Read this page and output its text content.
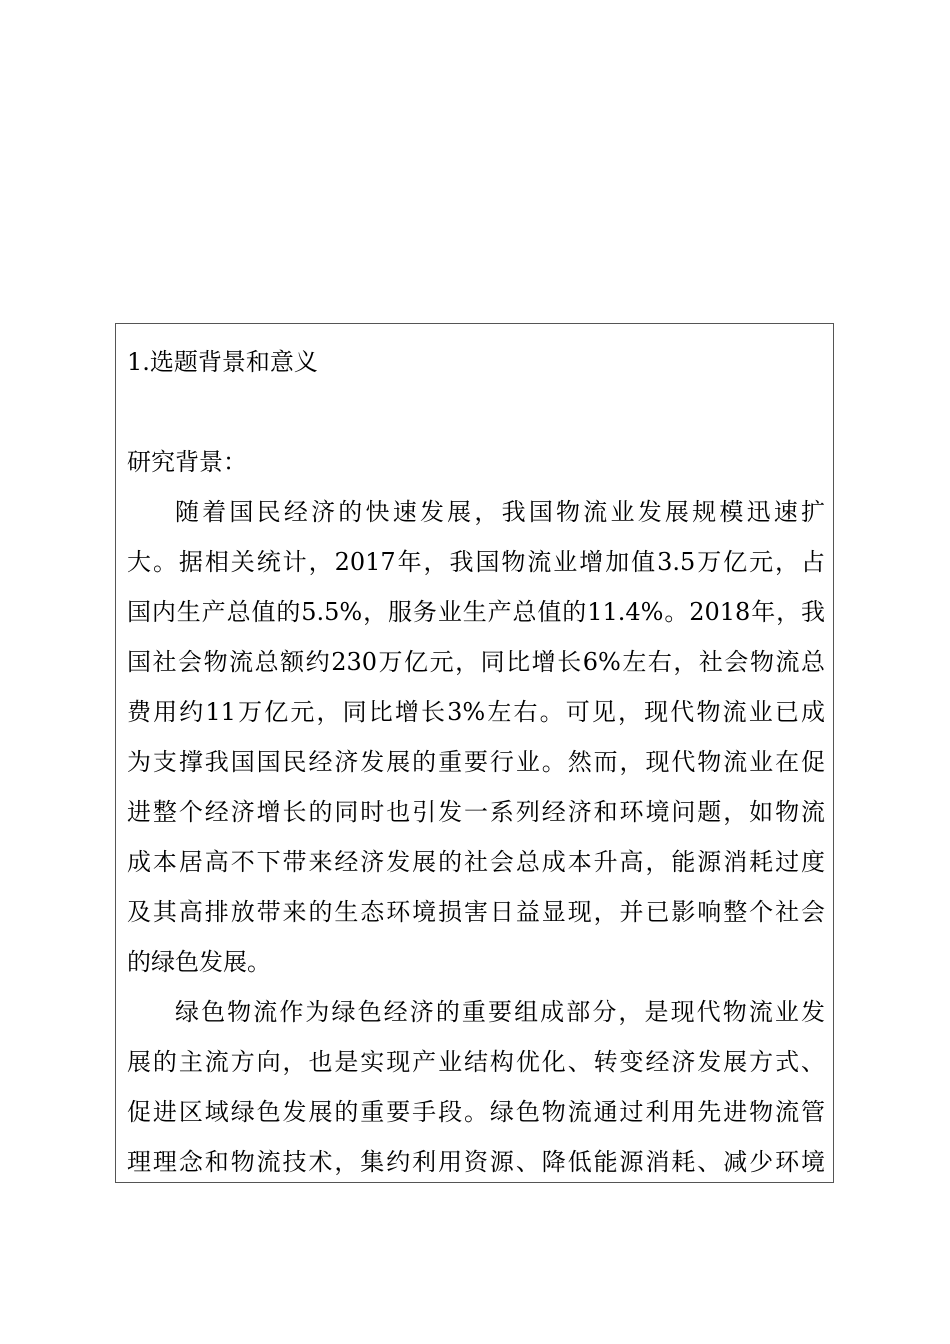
1.选题背景和意义
研究背景：
随着国民经济的快速发展，我国物流业发展规模迅速扩
大。据相关统计，2017年，我国物流业增加值3.5万亿元，占
国内生产总值的5.5%，服务业生产总值的11.4%。2018年，我
国社会物流总额约230万亿元，同比增长6%左右，社会物流总
费用约11万亿元，同比增长3%左右。可见，现代物流业已成
为支撑我国国民经济发展的重要行业。然而，现代物流业在促
进整个经济增长的同时也引发一系列经济和环境问题，如物流
成本居高不下带来经济发展的社会总成本升高，能源消耗过度
及其高排放带来的生态环境损害日益显现，并已影响整个社会
的绿色发展。
绿色物流作为绿色经济的重要组成部分，是现代物流业发
展的主流方向，也是实现产业结构优化、转变经济发展方式、
促进区域绿色发展的重要手段。绿色物流通过利用先进物流管
理理念和物流技术，集约利用资源、降低能源消耗、减少环境
